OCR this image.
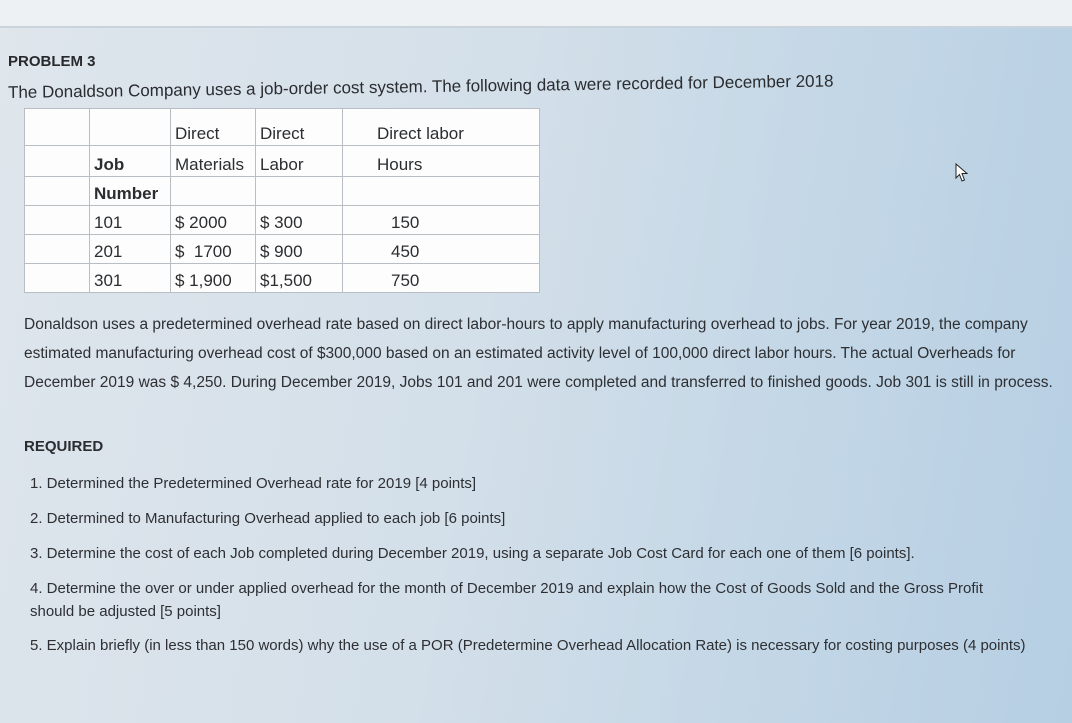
PROBLEM 3
The Donaldson Company uses a job-order cost system. The following data were recorded for December 2018
		Direct	Direct	Direct labor
	Job	Materials	Labor	Hours
	Number			
	101	$ 2000	$ 300	150
	201	$  1700	$ 900	450
	301	$ 1,900	$1,500	750
Donaldson uses a predetermined overhead rate based on direct labor-hours to apply manufacturing overhead to jobs. For year 2019, the company estimated manufacturing overhead cost of $300,000 based on an estimated activity level of 100,000 direct labor hours. The actual Overheads for December 2019 was $ 4,250. During December 2019, Jobs 101 and 201 were completed and transferred to finished goods. Job 301 is still in process.
REQUIRED
1. Determined the Predetermined Overhead rate for 2019 [4 points]
2. Determined to Manufacturing Overhead applied to each job [6 points]
3. Determine the cost of each Job completed during December 2019, using a separate Job Cost Card for each one of them [6 points].
4. Determine the over or under applied overhead for the month of December 2019 and explain how the Cost of Goods Sold and the Gross Profit should be adjusted [5 points]
5. Explain briefly (in less than 150 words) why the use of a POR (Predetermine Overhead Allocation Rate) is necessary for costing purposes (4 points)
